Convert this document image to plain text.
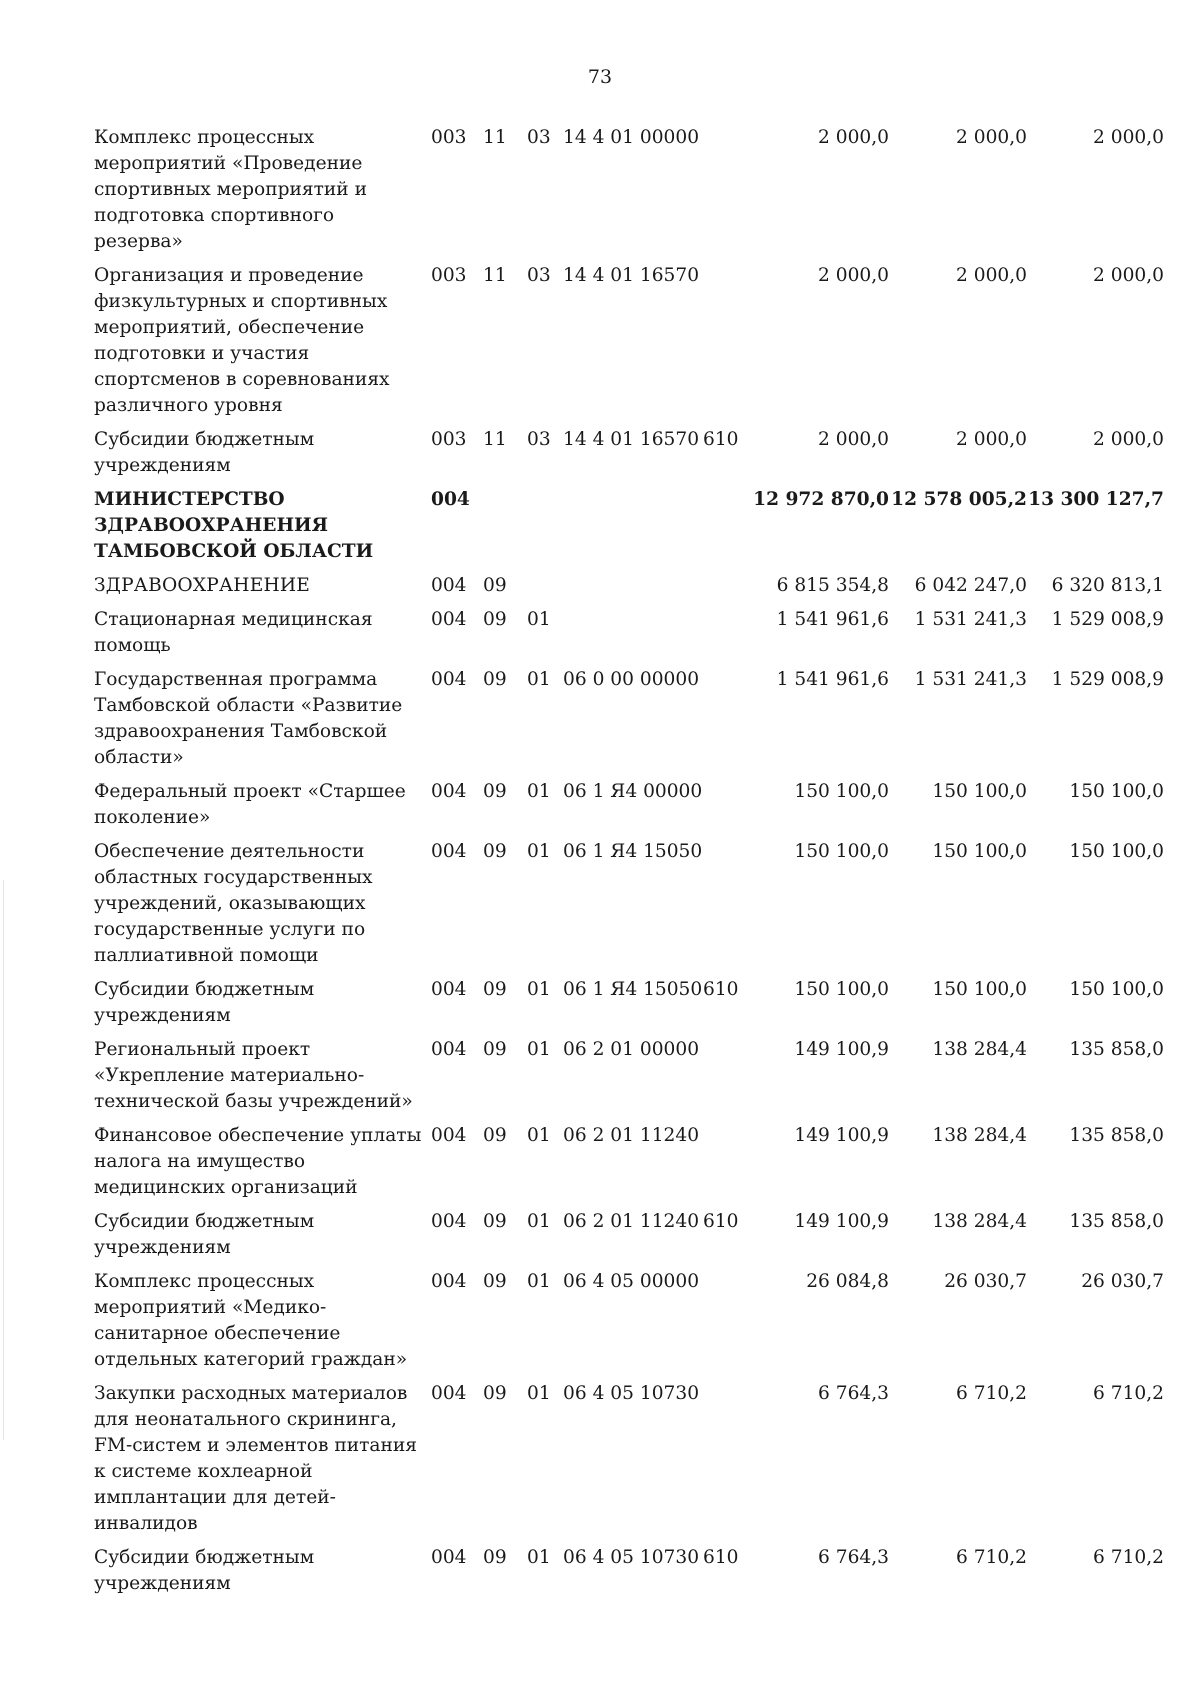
73
Комплекс процессных мероприятий «Проведение спортивных мероприятий и подготовка спортивного резерва»	003	11	03	14 4 01 00000		2 000,0	2 000,0	2 000,0
Организация и проведение физкультурных и спортивных мероприятий, обеспечение подготовки и участия спортсменов в соревнованиях различного уровня	003	11	03	14 4 01 16570		2 000,0	2 000,0	2 000,0
Субсидии бюджетным учреждениям	003	11	03	14 4 01 16570	610	2 000,0	2 000,0	2 000,0
МИНИСТЕРСТВО ЗДРАВООХРАНЕНИЯ ТАМБОВСКОЙ ОБЛАСТИ	004					12 972 870,0	12 578 005,2	13 300 127,7
ЗДРАВООХРАНЕНИЕ	004	09				6 815 354,8	6 042 247,0	6 320 813,1
Стационарная медицинская помощь	004	09	01			1 541 961,6	1 531 241,3	1 529 008,9
Государственная программа Тамбовской области «Развитие здравоохранения Тамбовской области»	004	09	01	06 0 00 00000		1 541 961,6	1 531 241,3	1 529 008,9
Федеральный проект «Старшее поколение»	004	09	01	06 1 Я4 00000		150 100,0	150 100,0	150 100,0
Обеспечение деятельности областных государственных учреждений, оказывающих государственные услуги по паллиативной помощи	004	09	01	06 1 Я4 15050		150 100,0	150 100,0	150 100,0
Субсидии бюджетным учреждениям	004	09	01	06 1 Я4 15050	610	150 100,0	150 100,0	150 100,0
Региональный проект «Укрепление материально-технической базы учреждений»	004	09	01	06 2 01 00000		149 100,9	138 284,4	135 858,0
Финансовое обеспечение уплаты налога на имущество медицинских организаций	004	09	01	06 2 01 11240		149 100,9	138 284,4	135 858,0
Субсидии бюджетным учреждениям	004	09	01	06 2 01 11240	610	149 100,9	138 284,4	135 858,0
Комплекс процессных мероприятий «Медико-санитарное обеспечение отдельных категорий граждан»	004	09	01	06 4 05 00000		26 084,8	26 030,7	26 030,7
Закупки расходных материалов для неонатального скрининга, FM-систем и элементов питания к системе кохлеарной имплантации для детей-инвалидов	004	09	01	06 4 05 10730		6 764,3	6 710,2	6 710,2
Субсидии бюджетным учреждениям	004	09	01	06 4 05 10730	610	6 764,3	6 710,2	6 710,2
